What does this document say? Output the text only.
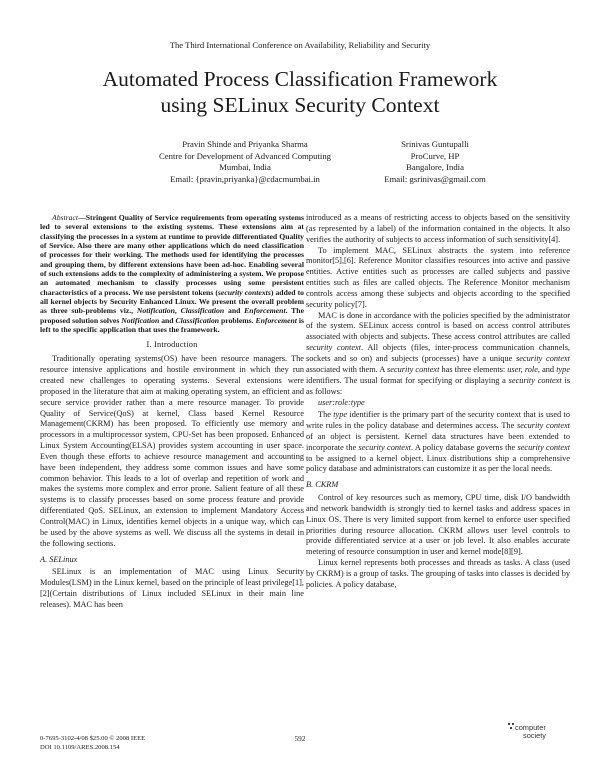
The Third International Conference on Availability, Reliability and Security
Automated Process Classification Framework
using SELinux Security Context
Pravin Shinde and Priyanka Sharma
Centre for Development of Advanced Computing
Mumbai, India
Email: {pravin,priyanka}@cdacmumbai.in
Srinivas Guntupalli
ProCurve, HP
Bangalore, India
Email: gsrinivas@gmail.com

Abstract—Stringent Quality of Service requirements from operating systems led to several extensions to the existing systems. These extensions aim at classifying the processes in a system at runtime to provide differentiated Quality of Service. Also there are many other applications which do need classification of processes for their working. The methods used for identifying the processes and grouping them, by different extensions have been ad-hoc. Enabling several of such extensions adds to the complexity of administering a system. We propose an automated mechanism to classify processes using some persistent characteristics of a process. We use persistent tokens (security contexts) added to all kernel objects by Security Enhanced Linux. We present the overall problem as three sub-problems viz., Notification, Classification and Enforcement. The proposed solution solves Notification and Classification problems. Enforcement is left to the specific application that uses the framework.

I. Introduction

Traditionally operating systems(OS) have been resource managers. The resource intensive applications and hostile environment in which they run created new challenges to operating systems. Several extensions were proposed in the literature that aim at making operating system, an efficient and secure service provider rather than a mere resource manager. To provide Quality of Service(QoS) at kernel, Class based Kernel Resource Management(CKRM) has been proposed. To efficiently use memory and processors in a multiprocessor system, CPU-Set has been proposed. Enhanced Linux System Accounting(ELSA) provides system accounting in user space. Even though these efforts to achieve resource management and accounting have been independent, they address some common issues and have some common behavior. This leads to a lot of overlap and repetition of work and makes the systems more complex and error prone. Salient feature of all these systems is to classify processes based on some process feature and provide differentiated QoS. SELinux, an extension to implement Mandatory Access Control(MAC) in Linux, identifies kernel objects in a unique way, which can be used by the above systems as well. We discuss all the systems in detail in the following sections.

A. SELinux

SELinux is an implementation of MAC using Linux Security Modules(LSM) in the Linux kernel, based on the principle of least privilege[1],[2](Certain distributions of Linux included SELinux in their main line releases). MAC has been

introduced as a means of restricting access to objects based on the sensitivity (as represented by a label) of the information contained in the objects. It also verifies the authority of subjects to access information of such sensitivity[4].

To implement MAC, SELinux abstracts the system into reference monitor[5],[6]. Reference Monitor classifies resources into active and passive entities. Active entities such as processes are called subjects and passive entities such as files are called objects. The Reference Monitor mechanism controls access among these subjects and objects according to the specified security policy[7].

MAC is done in accordance with the policies specified by the administrator of the system. SELinux access control is based on access control attributes associated with objects and subjects. These access control attributes are called security context. All objects (files, inter-process communication channels, sockets and so on) and subjects (processes) have a unique security context associated with them. A security context has three elements: user, role, and type identifiers. The usual format for specifying or displaying a security context is as follows:

user:role:type

The type identifier is the primary part of the security context that is used to write rules in the policy database and determines access. The security context of an object is persistent. Kernel data structures have been extended to incorporate the security context. A policy database governs the security context to be assigned to a kernel object. Linux distributions ship a comprehensive policy database and administrators can customize it as per the local needs.

B. CKRM

Control of key resources such as memory, CPU time, disk I/O bandwidth and network bandwidth is strongly tied to kernel tasks and address spaces in Linux OS. There is very limited support from kernel to enforce user specified priorities during resource allocation. CKRM allows user level controls to provide differentiated service at a user or job level. It also enables accurate metering of resource consumption in user and kernel mode[8][9].

Linux kernel represents both processes and threads as tasks. A class (used by CKRM) is a group of tasks. The grouping of tasks into classes is decided by policies. A policy database,

0-7695-3102-4/08 $25.00 © 2008 IEEE
DOI 10.1109/ARES.2008.154
592
computer
society
